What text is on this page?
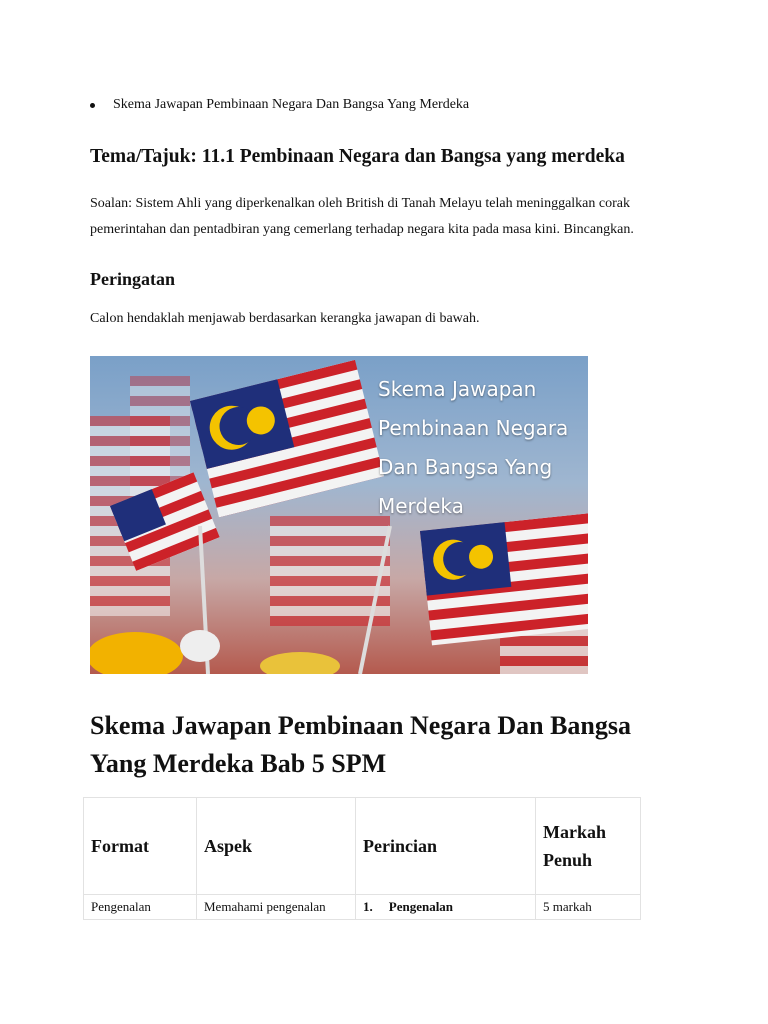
Skema Jawapan Pembinaan Negara Dan Bangsa Yang Merdeka
Tema/Tajuk: 11.1 Pembinaan Negara dan Bangsa yang merdeka

Soalan: Sistem Ahli yang diperkenalkan oleh British di Tanah Melayu telah meninggalkan corak pemerintahan dan pentadbiran yang cemerlang terhadap negara kita pada masa kini. Bincangkan.

Peringatan

Calon hendaklah menjawab berdasarkan kerangka jawapan di bawah.

Skema Jawapan
Pembinaan Negara
Dan Bangsa Yang
Merdeka
Skema Jawapan Pembinaan Negara Dan Bangsa Yang Merdeka Bab 5 SPM
Format	Aspek	Perincian	Markah Penuh
Pengenalan	Memahami pengenalan	1. Pengenalan	5 markah
